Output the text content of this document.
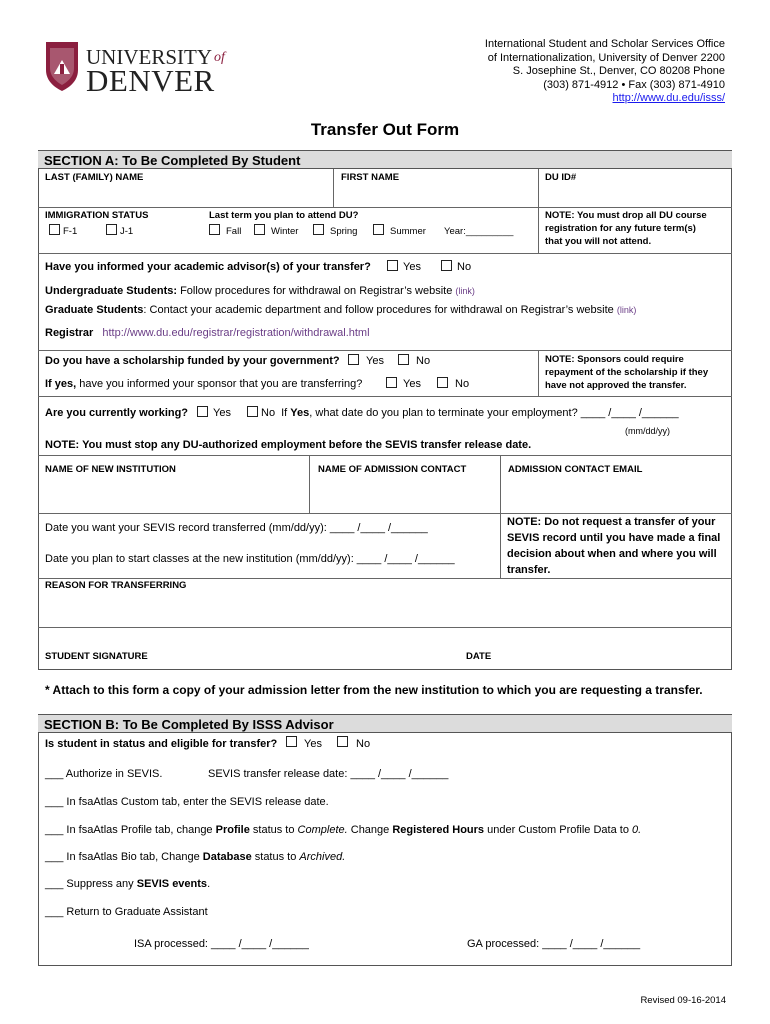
UNIVERSITY of
DENVER
International Student and Scholar Services Office
of Internationalization, University of Denver 2200
S. Josephine St., Denver, CO 80208 Phone
(303) 871-4912 • Fax (303) 871-4910
http://www.du.edu/isss/
Transfer Out Form
SECTION A: To Be Completed By Student
LAST (FAMILY) NAME	FIRST NAME	DU ID#
IMMIGRATION STATUS
F-1	J-1
Last term you plan to attend DU?
Fall	Winter	Spring	Summer Year:_________
NOTE: You must drop all DU course
registration for any future term(s)
that you will not attend.
Have you informed your academic advisor(s) of your transfer?	Yes	No
Undergraduate Students: Follow procedures for withdrawal on Registrar’s website (link)
Graduate Students: Contact your academic department and follow procedures for withdrawal on Registrar’s website (link)
Registrar http://www.du.edu/registrar/registration/withdrawal.html
Do you have a scholarship funded by your government? Yes	No
If yes, have you informed your sponsor that you are transferring?	Yes	No
NOTE: Sponsors could require
repayment of the scholarship if they
have not approved the transfer.
Are you currently working? Yes	No If Yes, what date do you plan to terminate your employment? ____ /____ /______
(mm/dd/yy)
NOTE: You must stop any DU-authorized employment before the SEVIS transfer release date.
NAME OF NEW INSTITUTION	NAME OF ADMISSION CONTACT	ADMISSION CONTACT EMAIL
Date you want your SEVIS record transferred (mm/dd/yy): ____ /____ /______
Date you plan to start classes at the new institution (mm/dd/yy): ____ /____ /______
NOTE: Do not request a transfer of your
SEVIS record until you have made a final
decision about when and where you will
transfer.
REASON FOR TRANSFERRING
STUDENT SIGNATURE	DATE
* Attach to this form a copy of your admission letter from the new institution to which you are requesting a transfer.
SECTION B: To Be Completed By ISSS Advisor
Is student in status and eligible for transfer? Yes	No
___ Authorize in SEVIS.	SEVIS transfer release date: ____ /____ /______
___ In fsaAtlas Custom tab, enter the SEVIS release date.
___ In fsaAtlas Profile tab, change Profile status to Complete. Change Registered Hours under Custom Profile Data to 0.
___ In fsaAtlas Bio tab, Change Database status to Archived.
___ Suppress any SEVIS events.
___ Return to Graduate Assistant
ISA processed: ____ /____ /______	GA processed: ____ /____ /______
Revised 09-16-2014
